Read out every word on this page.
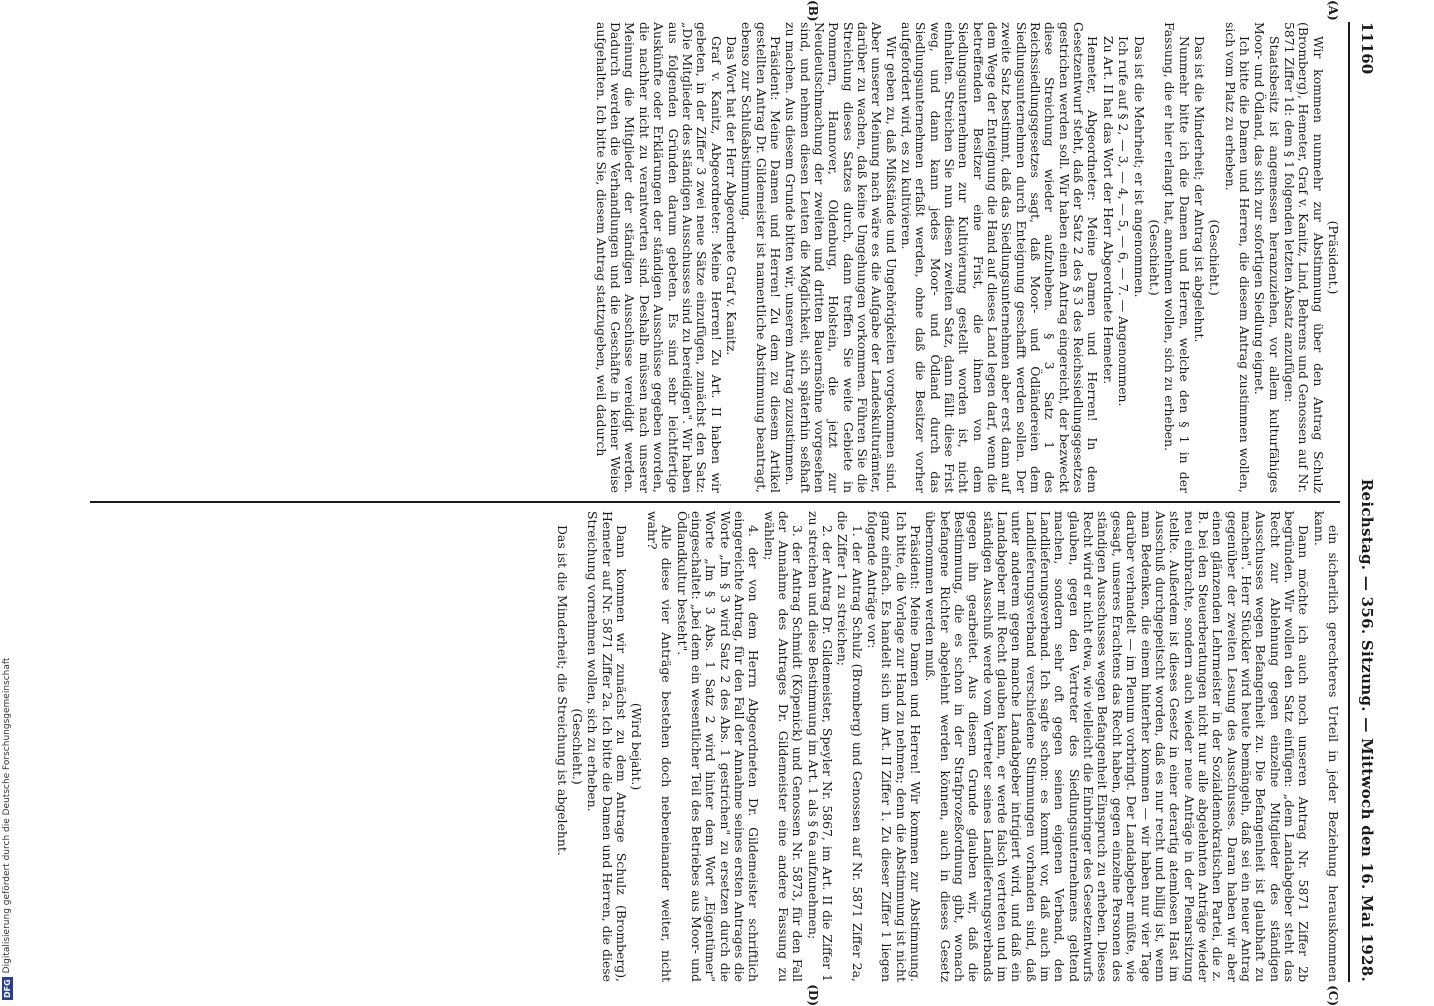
11160
Reichstag. — 356. Sitzung. — Mittwoch den 16. Mai 1928.
(A)
(B)

(Präsident.)

Wir kommen nunmehr zur Abstimmung über den Antrag Schulz (Bromberg), Hemeter, Graf v. Kanitz, Lind, Behrens und Genossen auf Nr. 5871 Ziffer 1d: dem § 1 folgenden letzten Absatz anzufügen:

Staatsbesitz ist angemessen heranzuziehen, vor allem kulturfähiges Moor- und Ödland, das sich zur sofortigen Siedlung eignet.

Ich bitte die Damen und Herren, die diesem Antrag zustimmen wollen, sich vom Platz zu erheben.

(Geschieht.)

Das ist die Minderheit; der Antrag ist abgelehnt.

Nunmehr bitte ich die Damen und Herren, welche den § 1 in der Fassung, die er hier erlangt hat, annehmen wollen, sich zu erheben.

(Geschieht.)

Das ist die Mehrheit; er ist angenommen.

Ich rufe auf § 2, — 3, — 4, — 5, — 6, — 7. — Angenommen.

Zu Art. II hat das Wort der Herr Abgeordnete Hemeter.

Hemeter, Abgeordneter: Meine Damen und Herren! In dem Gesetzentwurf steht, daß der Satz 2 des § 3 des Reichssiedlungsgesetzes gestrichen werden soll. Wir haben einen Antrag eingereicht, der bezweckt diese Streichung wieder aufzuheben. § 3 Satz 1 des Reichssiedlungsgesetzes sagt, daß Moor- und Ödländereien dem Siedlungsunternehmen durch Enteignung geschafft werden sollen. Der zweite Satz bestimmt, daß das Siedlungsunternehmen aber erst dann auf dem Wege der Enteignung die Hand auf dieses Land legen darf, wenn die betreffenden Besitzer eine Frist, die ihnen von dem Siedlungsunternehmen zur Kultivierung gestellt worden ist, nicht einhalten. Streichen Sie nun diesen zweiten Satz, dann fällt diese Frist weg, und dann kann jedes Moor- und Ödland durch das Siedlungsunternehmen erfaßt werden, ohne daß die Besitzer vorher aufgefordert wird, es zu kultivieren.

Wir geben zu, daß Mißstände und Ungehörigkeiten vorgekommen sind. Aber unserer Meinung nach wäre es die Aufgabe der Landeskulturämter, darüber zu wachen, daß keine Umgehungen vorkommen. Führen Sie die Streichung dieses Satzes durch, dann treffen Sie weite Gebiete in Pommern, Hannover, Oldenburg, Holstein, die jetzt zur Neudeutschmachung der zweiten und dritten Bauernsöhne vorgesehen sind, und nehmen diesen Leuten die Möglichkeit, sich späterhin seßhaft zu machen. Aus diesem Grunde bitten wir, unserem Antrag zuzustimmen.

Präsident: Meine Damen und Herren! Zu dem zu diesem Artikel gestellten Antrag Dr. Gildemeister ist namentliche Abstimmung beantragt, ebenso zur Schlußabstimmung.

Das Wort hat der Herr Abgeordnete Graf v. Kanitz.

Graf v. Kanitz, Abgeordneter: Meine Herren! Zu Art. II haben wir gebeten, in der Ziffer 3 zwei neue Sätze einzufügen, zunächst den Satz: „Die Mitglieder des ständigen Ausschusses sind zu bereidigen". Wir haben aus folgenden Gründen darum gebeten. Es sind sehr leichtfertige Auskünfte oder Erklärungen der ständigen Ausschüsse gegeben worden, die nachher nicht zu verantworten sind. Deshalb müssen nach unserer Meinung die Mitglieder der ständigen Ausschüsse vereidigt werden. Dadurch werden die Verhandlungen und die Geschäfte in keiner Weise aufgehalten. Ich bitte Sie, diesem Antrag stattzugeben, weil dadurch

(C)
(D)

ein sicherlich gerechteres Urteil in jeder Beziehung herauskommen kann.

Dann möchte ich auch noch unseren Antrag Nr. 5871 Ziffer 2b begründen. Wir wollen den Satz einfügen: „dem Landabgeber steht das Recht zur Ablehnung gegen einzelne Mitglieder des ständigen Ausschusses wegen Befangenheit zu. Die Befangenheit ist glaubhaft zu machen". Herr Stückler wird heute bemängeln, daß sei ein neuer Antrag gegenüber der zweiten Lesung des Ausschusses. Daran haben wir aber einen glänzenden Lehrmeister in der Sozialdemokratischen Partei, die z. B. bei den Steuerberatungen nicht nur alle abgelehnten Anträge wieder neu einbrachte, sondern auch wieder neue Anträge in der Plenarsitzung stellte. Außerdem ist dieses Gesetz in einer derartig atemlosen Hast im Ausschuß durchgepeitscht worden, daß es nur recht und billig ist, wenn man Bedenken, die einem hinterher kommen — wir haben nur vier Tage darüber verhandelt — im Plenum vorbringt. Der Landabgeber müßte, wie gesagt, unseres Erachtens das Recht haben, gegen einzelne Personen des ständigen Ausschusses wegen Befangenheit Einspruch zu erheben. Dieses Recht wird er nicht etwa, wie vielleicht die Einbringer des Gesetzentwurfs glauben, gegen den Vertreter des Siedlungsunternehmens geltend machen, sondern sehr oft gegen seinen eigenen Verband, den Landlieferungsverband. Ich sagte schon: es kommt vor, daß auch im Landlieferungsverband verschiedene Stimmungen vorhanden sind, daß unter anderem gegen manche Landabgeber intrigiert wird, und daß ein Landabgeber mit Recht glauben kann, er werde falsch vertreten und im ständigen Ausschuß werde vom Vertreter seines Landlieferungsverbands gegen ihn gearbeitet. Aus diesem Grunde glauben wir, daß die Bestimmung, die es schon in der Strafprozeßordnung gibt, wonach befangene Richter abgelehnt werden können, auch in dieses Gesetz übernommen werden muß.

Präsident: Meine Damen und Herren! Wir kommen zur Abstimmung. Ich bitte, die Vorlage zur Hand zu nehmen; denn die Abstimmung ist nicht ganz einfach. Es handelt sich um Art. II Ziffer 1. Zu dieser Ziffer 1 liegen folgende Anträge vor:

1. der Antrag Schulz (Bromberg) und Genossen auf Nr. 5871 Ziffer 2a, die Ziffer 1 zu streichen;

2. der Antrag Dr. Gildemeister, Speyler Nr. 5867, im Art. II die Ziffer 1 zu streichen und diese Bestimmung im Art. 1 als § 6a aufzunehmen;

3. der Antrag Schmidt (Köpenick) und Genossen Nr. 5873, für den Fall der Annahme des Antrages Dr. Gildemeister eine andere Fassung zu wählen;

4. der von dem Herrn Abgeordneten Dr. Gildemeister schriftlich eingereichte Antrag, für den Fall der Annahme seines ersten Antrages die Worte „Im § 3 wird Satz 2 des Abs. 1 gestrichen" zu ersetzen durch die Worte „Im § 3 Abs. 1 Satz 2 wird hinter dem Wort „Eigentümer" eingeschaltet: „bei dem ein wesentlicher Teil des Betriebes aus Moor- und Ödlandkultur besteht".

Alle diese vier Anträge bestehen doch nebeneinander weiter, nicht wahr?

(Wird bejaht.)

Dann kommen wir zunächst zu dem Antrage Schulz (Bromberg), Hemeter auf Nr. 5871 Ziffer 2a. Ich bitte die Damen und Herren, die diese Streichung vornehmen wollen, sich zu erheben.

(Geschieht.)

Das ist die Minderheit; die Streichung ist abgelehnt.

DFG
Digitalisierung gefördert durch die Deutsche Forschungsgemeinschaft
